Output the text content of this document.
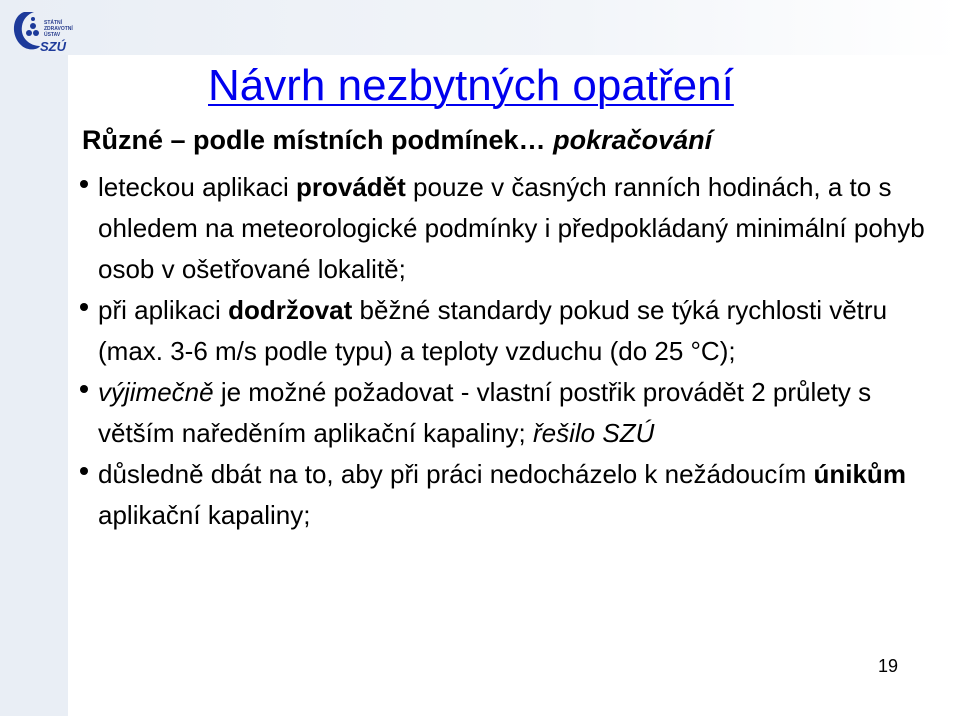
STÁTNÍ
ZDRAVOTNÍ
ÚSTAV
SZÚ
Návrh nezbytných opatření
Různé – podle místních podmínek… pokračování
leteckou aplikaci provádět pouze v časných ranních hodinách, a to s ohledem na meteorologické podmínky i předpokládaný minimální pohyb osob v ošetřované lokalitě;
při aplikaci dodržovat běžné standardy pokud se týká rychlosti větru (max. 3-6 m/s podle typu) a teploty vzduchu (do 25 °C);
výjimečně je možné požadovat - vlastní postřik provádět 2 průlety s větším naředěním aplikační kapaliny; řešilo SZÚ
důsledně dbát na to, aby při práci nedocházelo k nežádoucím únikům aplikační kapaliny;
19
